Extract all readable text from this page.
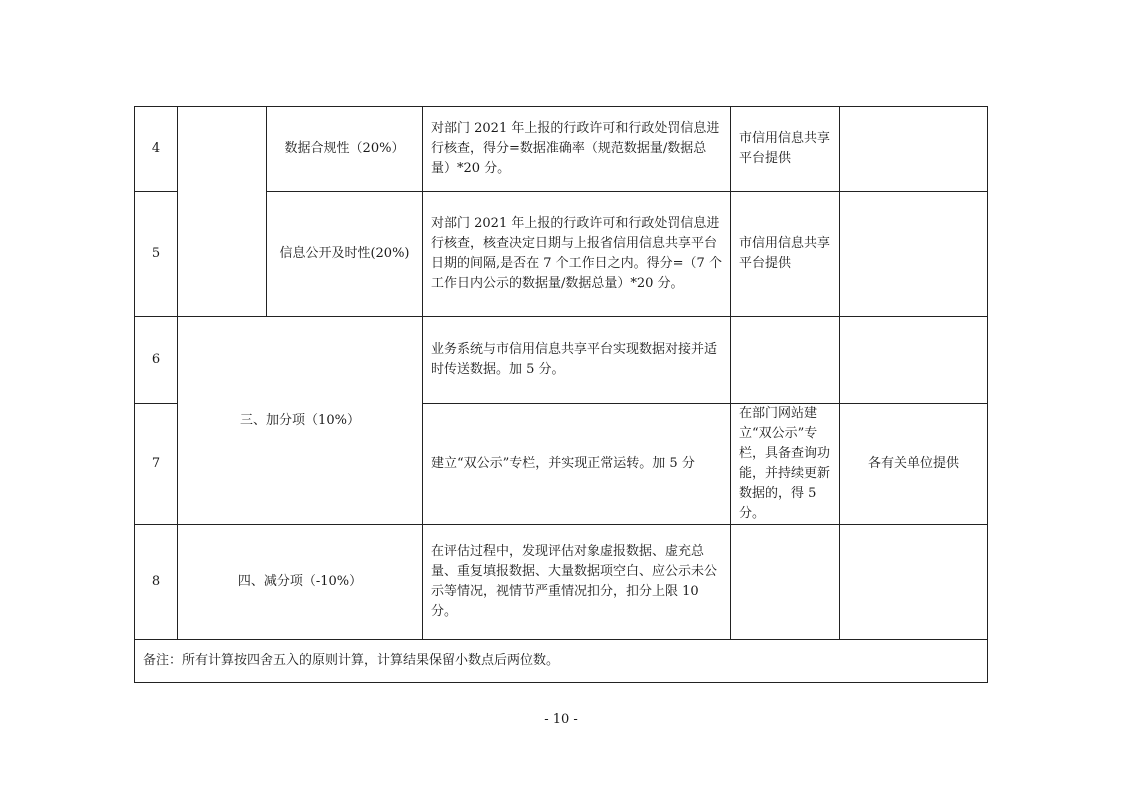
4		数据合规性（20%）	对部门 2021 年上报的行政许可和行政处罚信息进行核查，得分=数据准确率（规范数据量/数据总量）*20 分。	市信用信息共享平台提供	
5		信息公开及时性(20%)	对部门 2021 年上报的行政许可和行政处罚信息进行核查，核查决定日期与上报省信用信息共享平台日期的间隔,是否在 7 个工作日之内。得分=（7 个工作日内公示的数据量/数据总量）*20 分。	市信用信息共享平台提供	
6	三、加分项（10%）		业务系统与市信用信息共享平台实现数据对接并适时传送数据。加 5 分。		
7			建立“双公示”专栏，并实现正常运转。加 5 分	在部门网站建立“双公示”专栏，具备查询功能，并持续更新数据的，得 5 分。	各有关单位提供
8	四、减分项（-10%）		在评估过程中，发现评估对象虚报数据、虚充总量、重复填报数据、大量数据项空白、应公示未公示等情况，视情节严重情况扣分，扣分上限 10 分。		
备注：所有计算按四舍五入的原则计算，计算结果保留小数点后两位数。					
- 10 -
